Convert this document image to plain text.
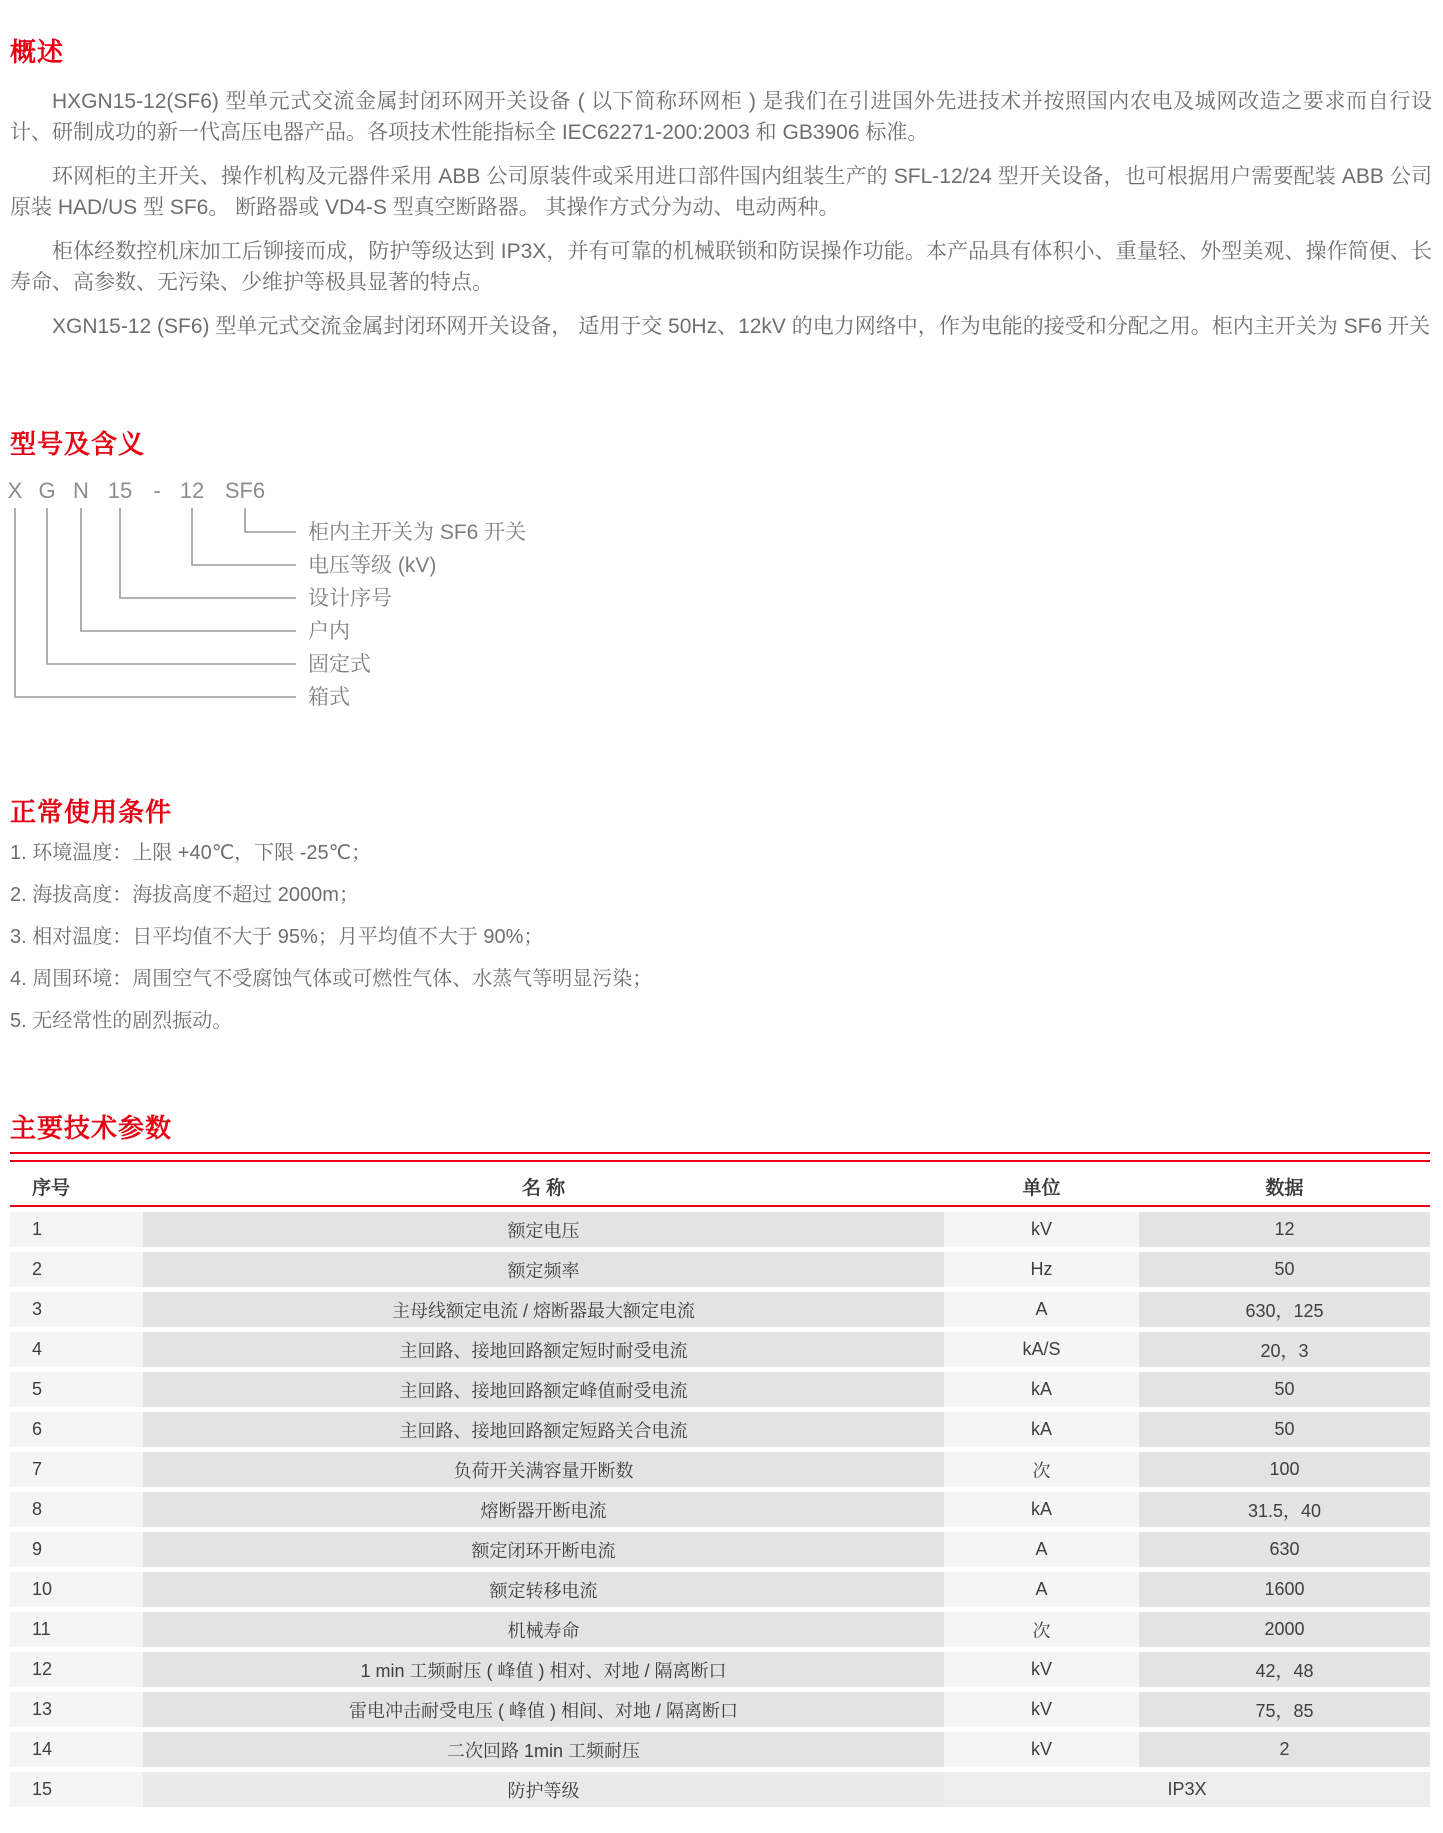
概述

HXGN15-12(SF6) 型单元式交流金属封闭环网开关设备 ( 以下简称环网柜 ) 是我们在引进国外先进技术并按照国内农电及城网改造之要求而自行设计、研制成功的新一代高压电器产品。各项技术性能指标全 IEC62271-200:2003 和 GB3906 标准。

环网柜的主开关、操作机构及元器件采用 ABB 公司原装件或采用进口部件国内组装生产的 SFL-12/24 型开关设备，也可根据用户需要配装 ABB 公司原装 HAD/US 型 SF6。 断路器或 VD4-S 型真空断路器。 其操作方式分为动、电动两种。

柜体经数控机床加工后铆接而成，防护等级达到 IP3X，并有可靠的机械联锁和防误操作功能。本产品具有体积小、重量轻、外型美观、操作简便、长寿命、高参数、无污染、少维护等极具显著的特点。

XGN15-12 (SF6) 型单元式交流金属封闭环网开关设备， 适用于交 50Hz、12kV 的电力网络中，作为电能的接受和分配之用。柜内主开关为 SF6 开关

型号及含义
X G N 15 - 12 SF6
柜内主开关为 SF6 开关
电压等级 (kV)
设计序号
户内
固定式
箱式
正常使用条件

1. 环境温度：上限 +40℃，下限 -25℃；

2. 海拔高度：海拔高度不超过 2000m；

3. 相对温度：日平均值不大于 95%；月平均值不大于 90%；

4. 周围环境：周围空气不受腐蚀气体或可燃性气体、水蒸气等明显污染；

5. 无经常性的剧烈振动。

主要技术参数
序号	名 称	单位	数据
1	额定电压	kV	12
2	额定频率	Hz	50
3	主母线额定电流 / 熔断器最大额定电流	A	630，125
4	主回路、接地回路额定短时耐受电流	kA/S	20，3
5	主回路、接地回路额定峰值耐受电流	kA	50
6	主回路、接地回路额定短路关合电流	kA	50
7	负荷开关满容量开断数	次	100
8	熔断器开断电流	kA	31.5，40
9	额定闭环开断电流	A	630
10	额定转移电流	A	1600
11	机械寿命	次	2000
12	1 min 工频耐压 ( 峰值 ) 相对、对地 / 隔离断口	kV	42，48
13	雷电冲击耐受电压 ( 峰值 ) 相间、对地 / 隔离断口	kV	75，85
14	二次回路 1min 工频耐压	kV	2
15	防护等级	IP3X	
